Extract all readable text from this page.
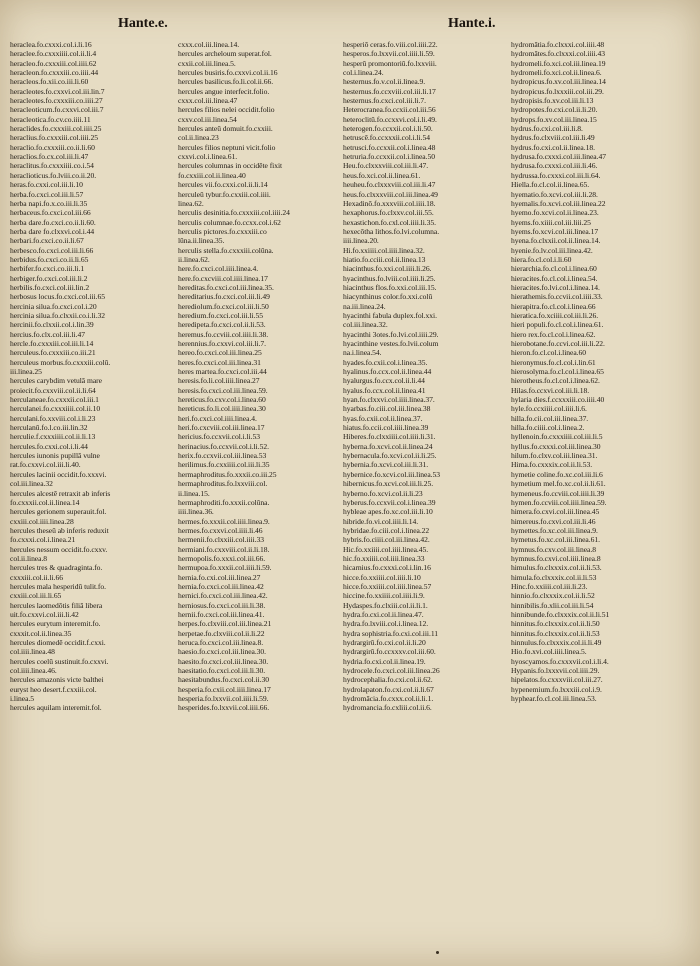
Hante.e.	Hante.i.
heraclea.fo.cxxxi.col.i.li.16
heraclee.fo.cxxxiiii.col.ii.li.4
heracleo.fo.cxxxiii.col.iiii.62
heracleon.fo.cxxxiii.co.iiii.44
heracleos.fo.xii.co.iii.li.60
heracleotes.fo.cxxvi.col.iii.lin.7
heracleotes.fo.cxxxiii.co.iiii.27
heracleoticum.fo.cxxvi.col.iii.7
heracleotica.fo.cv.co.iiii.11
heraclides.fo.cxxxiii.col.iiii.25
heraclius.fo.cxxxiii.col.iiii.25
heraclio.fo.cxxxiii.co.ii.li.60
heraclios.fo.cx.col.iii.li.47
heraclitus.fo.cxxxiiii.co.i.54
heraclioticus.fo.lviii.co.ii.20.
heras.fo.cxxi.col.iii.li.10
herba.fo.cxci.col.iii.li.57
herba napi.fo.x.co.iii.li.35
herbaceus.fo.cxci.col.iii.66
herba dare.fo.cxci.co.ii.li.60.
herba dare fo.clxxvi.col.i.44
herbari.fo.cxci.co.ii.li.67
herbesco.fo.cxci.col.iii.li.66
herbidus.fo.cxci.co.ii.li.65
herbifer.fo.cxci.co.iii.li.1
herbiger.fo.cxci.col.iii.li.2
herbilis.fo.cxci.col.iii.lin.2
herbosus locus.fo.cxci.col.iii.65
hercinia silua.fo.cxci.col.i.20
hercinia silua.fo.clxxii.co.i.li.32
hercinii.fo.clxxii.col.i.lin.39
hercius.fo.clx.col.iii.li.47
hercle.fo.cxxxiii.col.iii.li.14
herculeus.fo.cxxxiii.co.iii.21
herculeus morbus.fo.cxxxiii.colū.
iii.linea.25
hercules carybdim vetulā mare
proiecit.fo.cxxviii.col.ii.li.64
herculaneae.fo.cxxxii.col.iii.1
herculanei.fo.cxxxiiii.col.ii.10
herculani.fo.xxviii.col.i.li.23
herculanū.fo.l.co.iii.lin.32
herculie.f.cxxxiiii.col.ii.li.13
hercules.fo.cxxi.col.i.li.44
hercules iunonis pupillā vulne
rat.fo.cxxvi.col.iii.li.40.
hercules lacinii occidit.fo.xxxvi.
col.iii.linea.32
hercules alcestē retraxit ab inferis
fo.cxxxii.col.ii.linea.14
hercules gerionem superauit.fol.
cxxiii.col.iiii.linea.28
hercules theseū ab inferis reduxit
fo.cxxxi.col.i.linea.21
hercules nessum occidit.fo.cxxv.
col.ii.linea.8
hercules tres & quadraginta.fo.
cxxxiii.col.ii.li.66
hercules mala hesperidū tulit.fo.
cxxiii.col.iii.li.65
hercules laomedōtis filiā libera
uit.fo.cxxvi.col.iii.li.42
hercules eurytum interemit.fo.
cxxxit.col.ii.linea.35
hercules diomedē occidit.f.cxxi.
col.iiii.linea.48
hercules coelū sustinuit.fo.cxxvi.
col.iiii.linea.46.
hercules amazonis victe balthei
euryst heo desert.f.cxxiii.col.
i.linea.5
hercules aquilam interemit.fol.
cxxx.col.iii.linea.14.
hercules archeloum superat.fol.
cxxii.col.iii.linea.5.
hercules busiris.fo.cxxvi.col.ii.16
hercules basilicus.fo.li.col.ii.66.
hercules angue interfecit.folio.
cxxx.col.iii.linea.47
hercules filios nelei occidit.folio
cxxv.col.iii.linea.54
hercules anteū domuit.fo.cxxiii.
col.ii.linea.23
hercules filios neptuni vicit.folio
cxxvi.col.i.linea.61.
hercules columnas in occidēte fixit
fo.cxxiii.col.ii.linea.40
hercules vii.fo.cxxi.col.ii.li.14
herculeū tybur.fo.cxxiii.col.iiii.
linea.62.
herculis desinitia.fo.cxxxiii.col.iiii.24
herculis columnae.fo.ccxx.col.i.62
herculis pictores.fo.cxxxiii.co
lūna.ii.linea.35.
herculis stella.fo.cxxxiii.colūna.
ii.linea.62.
here.fo.cxci.col.iiii.linea.4.
here.fo.cxcviii.col.iiii.linea.17
hereditas.fo.cxci.col.iii.linea.35.
hereditarius.fo.cxci.col.iii.li.49
herediolum.fo.cxci.col.iii.li.50
heredium.fo.cxci.col.iii.li.55
heredipeta.fo.cxci.col.ii.li.53.
heremus.fo.ccviii.col.iiii.li.38.
herennius.fo.cxxvi.col.iii.li.7.
hereo.fo.cxci.col.iii.linea.25
heres.fo.cxci.col.iii.linea.31
heres martea.fo.cxci.col.iii.44
heresis.fo.li.col.iiii.linea.27
heresis.fo.cxci.col.iii.linea.59.
hereticus.fo.cxv.col.i.linea.60
hereticus.fo.li.col.iiii.linea.30
heri.fo.cxci.col.iiii.linea.4.
heri.fo.cxcviii.col.iii.linea.17
hericius.fo.ccxvii.col.i.li.53
herinacius.fo.ccxvii.col.i.li.52.
herix.fo.ccxvii.col.iii.linea.53
herilimus.fo.cxxiiii.col.iii.li.35
hermaphroditus.fo.xxxii.co.iii.25
hermaphroditus.fo.lxxviii.col.
ii.linea.15.
hermaphroditi.fo.xxxii.colūna.
iiii.linea.36.
hermes.fo.xxxii.col.iiii.linea.9.
hermes.fo.cxxvi.col.iiii.li.46
hermenii.fo.clxxiii.col.iiii.33
hermiani.fo.cxxviii.col.ii.li.18.
hermopolis.fo.xxxi.col.iii.66.
hermupoa.fo.xxxii.col.iiii.li.59.
hernia.fo.cxi.col.iii.linea.27
hernia.fo.cxci.col.iii.linea.42
hernici.fo.cxci.col.iii.linea.42.
herniosus.fo.cxci.col.iii.li.38.
hernii.fo.cxci.col.iii.linea.41.
herpes.fo.clxviii.col.iii.linea.21
herpetae.fo.clxviii.col.ii.li.22
heruca.fo.cxci.col.iii.linea.8.
haesio.fo.cxci.col.iii.linea.30.
haesito.fo.cxci.col.iii.linea.30.
haesitatio.fo.cxci.col.iii.li.30.
haesitabundus.fo.cxci.col.ii.30
hesperia.fo.cxii.col.iiii.linea.17
hesperia.fo.lxxvii.col.iiii.li.59.
hesperides.fo.lxxvii.col.iiii.66.
hesperiō ceras.fo.viii.col.iiii.22.
hesperos.fo.lxxvii.col.iiii.li.59.
hesperū promontoriū.fo.lxxviii.
col.i.linea.24.
hesternus.fo.v.col.ii.linea.9.
hesternus.fo.ccxviii.col.iii.li.17
hesternus.fo.cxci.col.iii.li.7.
Heterocranea.fo.ccxii.col.iii.56
heteroclitū.fo.ccxxvi.col.i.li.49.
heterogen.fo.ccxxii.col.i.li.50.
hetruscē.fo.ccxxxii.col.i.li.54
hetrusci.fo.ccxxii.col.i.linea.48
hetruria.fo.ccxxii.col.i.linea.50
Heu.fo.clxxxviii.col.iii.li.47.
heus.fo.xci.col.ii.linea.61.
heuheu.fo.clxxxviii.col.iii.li.47
heus.fo.clxxxviii.col.iii.linea.49
Hexadinō.fo.xxxviii.col.iiii.18.
hexaphorus.fo.clxxv.col.iii.55.
hexastichon.fo.cxl.col.iiii.li.35.
hexecōtha lithos.fo.lvi.columna.
iiii.linea.20.
Hi.fo.xxiiii.col.iiii.linea.32.
hiatio.fo.cciii.col.ii.linea.13
hiacinthus.fo.xxi.col.iiii.li.26.
hyacinthus.fo.lviii.col.iiii.li.25.
hiacinthus flos.fo.xxi.col.iii.15.
hiacynthinus color.fo.xxi.colū
na.iii.linea.24.
hyacinthi fabula duplex.fol.xxi.
col.iii.linea.32.
hyacinthi 3otes.fo.lvi.col.iiii.29.
hyacinthine vestes.fo.lvii.colum
na.i.linea.54.
hyades.fo.cxii.col.i.linea.35.
hyalinus.fo.ccx.col.ii.linea.44
hyalurgus.fo.ccx.col.ii.li.44
hyalus.fo.ccx.col.ii.linea.41
hyan.fo.clxxvi.col.iiii.linea.37.
hyarbas.fo.ciii.col.iii.linea.38
hyas.fo.cxii.col.ii.linea.37.
hiatus.fo.ccii.col.iiii.linea.39
Hiberes.fo.clxxiiii.col.iiii.li.31.
hyberna.fo.xcvi.col.ii.linea.24
hybernacula.fo.xcvi.col.ii.li.25.
hybernia.fo.xcvi.col.iii.li.31.
hybernice.fo.xcvi.col.iii.linea.53
hibernicus.fo.xcvi.col.iii.li.25.
hyberno.fo.xcvi.col.ii.li.23
hyberus.fo.ccxvii.col.i.linea.39
hybleae apes.fo.xc.col.iii.li.10
hibride.fo.vi.col.iiii.li.14.
hybridae.fo.ciii.col.i.linea.22
hybris.fo.ciiii.col.iii.linea.42.
Hic.fo.xxiiii.col.iiii.linea.45.
hic.fo.xxiiii.col.iiii.linea.33
hicarnius.fo.cxxxi.col.i.lin.16
hicce.fo.xxiiii.col.iiii.li.10
hicce.fo.xxiiii.col.iiii.linea.57
hiccine.fo.xxiiii.col.iiii.li.9.
Hydaspes.fo.clxiii.col.ii.li.1.
hydra.fo.cxi.col.ii.linea.47.
hydra.fo.lxviii.col.i.linea.12.
hydra sophistria.fo.cxi.col.iii.11
hydrargirū.fo.cxi.col.ii.li.20
hydrargirū.fo.ccxxxv.col.iii.60.
hydria.fo.cxi.col.ii.linea.19.
hydrocele.fo.cxci.col.iii.linea.26
hydrocephalia.fo.cxi.col.ii.62.
hydrolapaton.fo.cxi.col.ii.li.67
hydromācia.fo.cxxx.col.ii.li.1.
hydromancia.fo.cxliii.col.ii.6.
hydromātia.fo.clxxxi.col.iiii.48
hydromātes.fo.clxxxi.col.iiii.43
hydromeli.fo.xci.col.iii.linea.19
hydromeli.fo.xci.col.ii.linea.6.
hydropicus.fo.xv.col.iii.linea.14
hydropicus.fo.lxxxiii.col.iii.29.
hydropisis.fo.xv.col.iii.li.13
hydropotes.fo.cxi.col.ii.li.20.
hydrops.fo.xv.col.iii.linea.15
hydrus.fo.cxi.col.iii.li.8.
hydrus.fo.clxviii.col.iii.li.49
hydrus.fo.cxi.col.ii.linea.18.
hydrusa.fo.cxxxi.col.iii.linea.47
hydrusa.fo.cxxxi.col.iii.li.46.
hydrussa.fo.cxxxi.col.iii.li.64.
Hiella.fo.cl.col.ii.linea.65.
hyematio.fo.xcvi.col.iii.li.28.
hyemalis.fo.xcvi.col.iii.linea.22
hyemo.fo.xcvi.col.ii.linea.23.
hyems.fo.xiiii.col.iii.liii.25
hyems.fo.xcvi.col.iii.linea.17
hyena.fo.clxxii.col.ii.linea.14.
hyenie.fo.lv.col.iii.linea.42.
hiera.fo.cl.col.i.li.60
hierarchia.fo.cl.col.i.linea.60
hieracites.fo.cl.col.i.linea.54.
hieracites.fo.lvi.col.i.linea.14.
hierathemis.fo.ccvii.col.iiii.33.
hierapitra.fo.cl.col.i.linea.66
hieratica.fo.xciiii.col.iii.li.26.
hieri populi.fo.cl.col.i.linea.61.
hiero rex.fo.cl.col.i.linea.62.
hierobotane.fo.ccvi.col.iii.li.22.
hieron.fo.cl.col.i.linea.60
hieronymus.fo.cl.col.i.lin.61
hierosolyma.fo.cl.col.i.linea.65
hierotheus.fo.cl.col.i.linea.62.
Hilas.fo.ccxvi.col.iii.li.18.
hylaria dies.f.ccxxxiii.co.iiii.40
hyle.fo.ccxiiii.col.iiii.li.6.
hilla.fo.cii.col.iii.linea.37.
hilla.fo.ciiii.col.i.linea.2.
hyllenoin.fo.cxxxiiii.col.iii.li.5
hyllus.fo.cxxxi.col.iii.linea.30
hilum.fo.clxv.col.iii.linea.31.
Hima.fo.cxxxix.col.ii.li.53.
hymetie coline.fo.xc.col.iii.li.6
hymetium mel.fo.xc.col.ii.li.61.
hymeneus.fo.ccviii.col.iiii.li.39
hymen.fo.ccviii.col.iiii.linea.59.
himera.fo.cxvi.col.iii.linea.45
himereus.fo.cxvi.col.iii.li.46
hymettes.fo.xc.col.iii.linea.9.
hymetus.fo.xc.col.iii.linea.61.
hymnus.fo.cxv.col.iii.linea.8
hymnus.fo.cxvi.col.iiii.linea.8
himulus.fo.clxxxix.col.ii.li.53.
himula.fo.clxxxix.col.ii.li.53
Hinc.fo.xxiiii.col.iii.li.23.
hinnio.fo.clxxxix.col.ii.li.52
hinnibilis.fo.xlii.col.iii.li.54
hinnibunde.fo.clxxxix.col.ii.li.51
hinnitus.fo.clxxxix.col.ii.li.50
hinnitus.fo.clxxxix.col.ii.li.53
hinnulus.fo.clxxxix.col.ii.li.49
Hio.fo.xvi.col.iiii.linea.5.
hyoscyamos.fo.cxxxvii.col.i.li.4.
Hypanis.fo.lxxxvii.col.iiii.29.
hipelatos.fo.cxxxviii.col.iii.27.
hypenemium.fo.lxxxiii.col.i.9.
hyphear.fo.cl.col.iii.linea.53.
